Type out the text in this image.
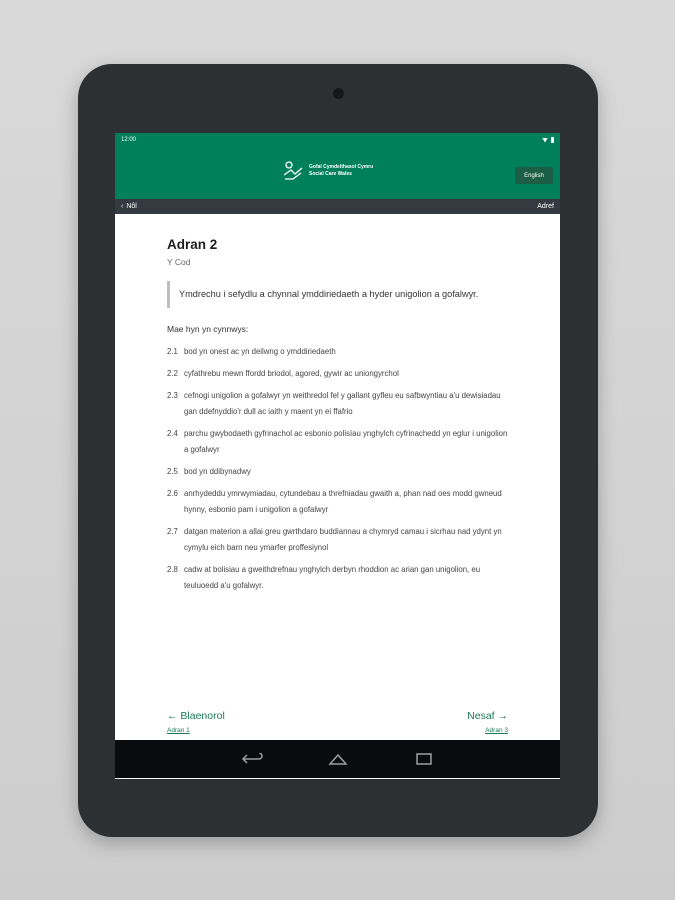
12:00
Gofal Cymdeithasol Cymru
Social Care Wales	English
‹ Nôl	Adref
Adran 2
Y Cod
Ymdrechu i sefydlu a chynnal ymddiriedaeth a hyder unigolion a gofalwyr.
Mae hyn yn cynnwys:
2.1 bod yn onest ac yn deilwng o ymddiriedaeth
2.2 cyfathrebu mewn ffordd briodol, agored, gywir ac uniongyrchol
2.3 cefnogi unigolion a gofalwyr yn weithredol fel y gallant gyfleu eu safbwyntiau a'u dewisiadau gan ddefnyddio'r dull ac iaith y maent yn ei ffafrio
2.4 parchu gwybodaeth gyfrinachol ac esbonio polisïau ynghylch cyfrinachedd yn eglur i unigolion a gofalwyr
2.5 bod yn ddibynadwy
2.6 anrhydeddu ymrwymiadau, cytundebau a threfniadau gwaith a, phan nad oes modd gwneud hynny, esbonio pam i unigolion a gofalwyr
2.7 datgan materion a allai greu gwrthdaro buddiannau a chymryd camau i sicrhau nad ydynt yn cymylu eich barn neu ymarfer proffesiynol
2.8 cadw at bolisiau a gweithdrefnau ynghylch derbyn rhoddion ac arian gan unigolion, eu teuluoedd a'u gofalwyr.
← Blaenorol
Adran 1
Nesaf →
Adran 3
